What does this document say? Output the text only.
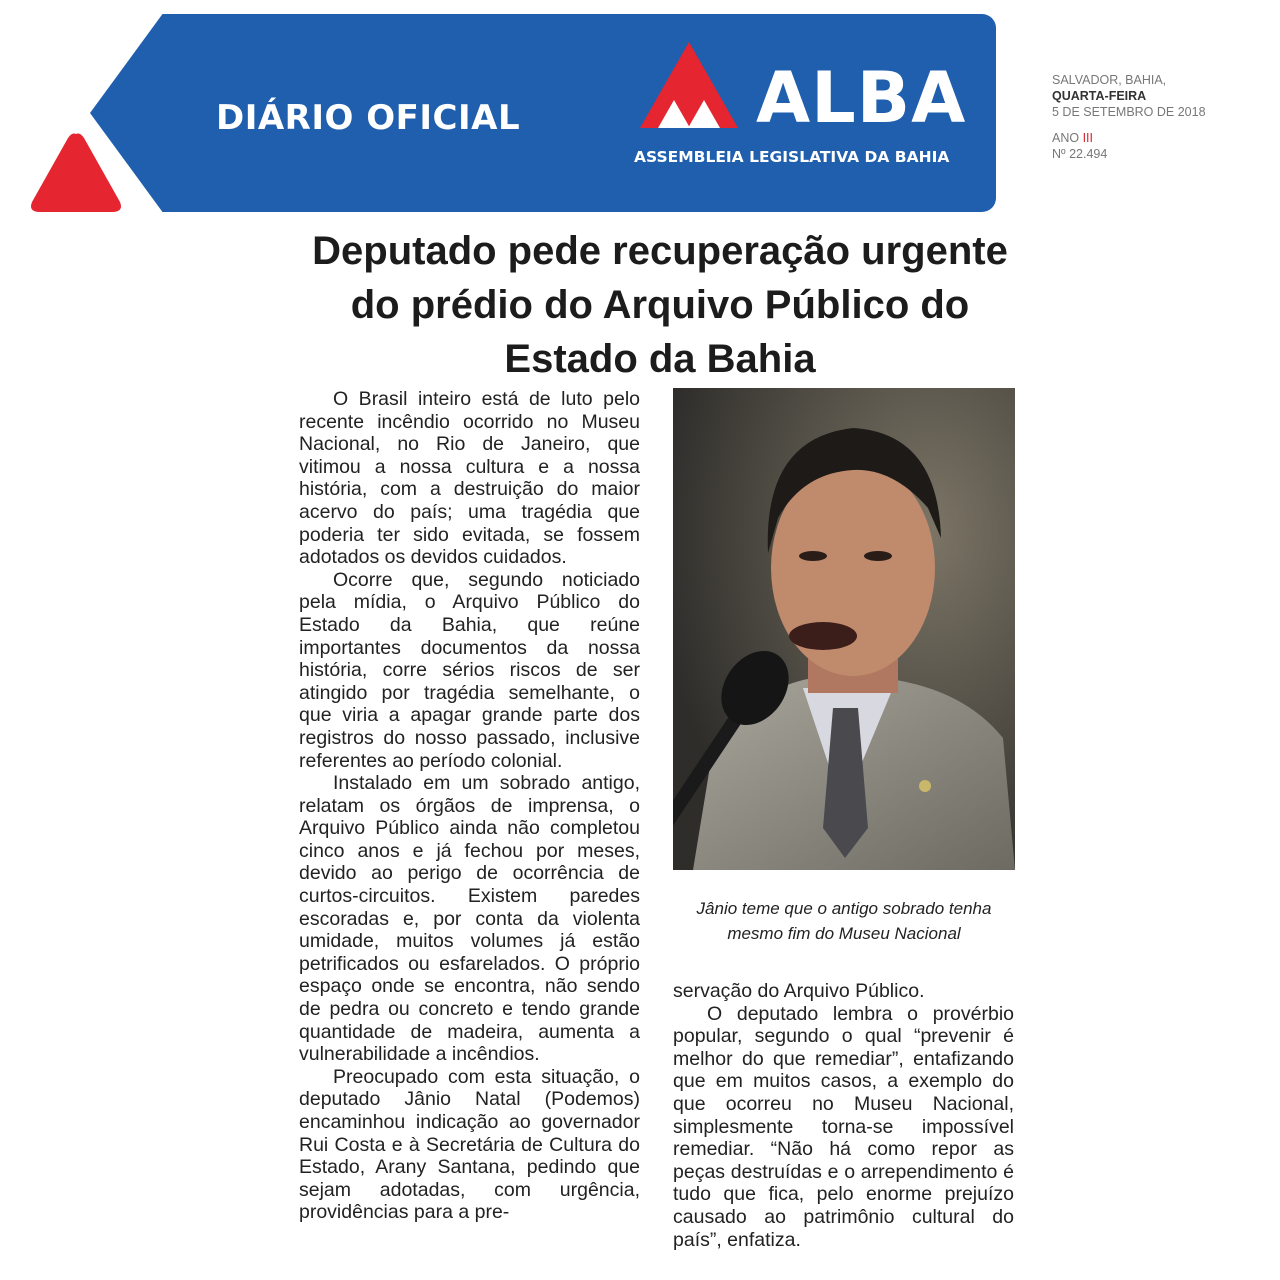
DIÁRIO OFICIAL	ALBA
ASSEMBLEIA LEGISLATIVA DA BAHIA
SALVADOR, BAHIA,
QUARTA-FEIRA
5 DE SETEMBRO DE 2018
ANO III
Nº 22.494
Deputado pede recuperação urgente do prédio do Arquivo Público do Estado da Bahia

O Brasil inteiro está de luto pelo recente incêndio ocorrido no Museu Nacional, no Rio de Janeiro, que vitimou a nossa cultura e a nossa história, com a destruição do maior acervo do país; uma tragédia que poderia ter sido evitada, se fossem adotados os devidos cuidados.

Ocorre que, segundo noticiado pela mídia, o Arquivo Público do Estado da Bahia, que reúne importantes documentos da nossa história, corre sérios riscos de ser atingido por tragédia semelhante, o que viria a apagar grande parte dos registros do nosso passado, inclusive referentes ao período colonial.

Instalado em um sobrado antigo, relatam os órgãos de imprensa, o Arquivo Público ainda não completou cinco anos e já fechou por meses, devido ao perigo de ocorrência de curtos-circuitos. Existem paredes escoradas e, por conta da violenta umidade, muitos volumes já estão petrificados ou esfarelados. O próprio espaço onde se encontra, não sendo de pedra ou concreto e tendo grande quantidade de madeira, aumenta a vulnerabilidade a incêndios.

Preocupado com esta situação, o deputado Jânio Natal (Podemos) encaminhou indicação ao governador Rui Costa e à Secretária de Cultura do Estado, Arany Santana, pedindo que sejam adotadas, com urgência, providências para a pre-

Jânio teme que o antigo sobrado tenha mesmo fim do Museu Nacional

servação do Arquivo Público.

O deputado lembra o provérbio popular, segundo o qual “prevenir é melhor do que remediar”, entafizando que em muitos casos, a exemplo do que ocorreu no Museu Nacional, simplesmente torna-se impossível remediar. “Não há como repor as peças destruídas e o arrependimento é tudo que fica, pelo enorme prejuízo causado ao patrimônio cultural do país”, enfatiza.
